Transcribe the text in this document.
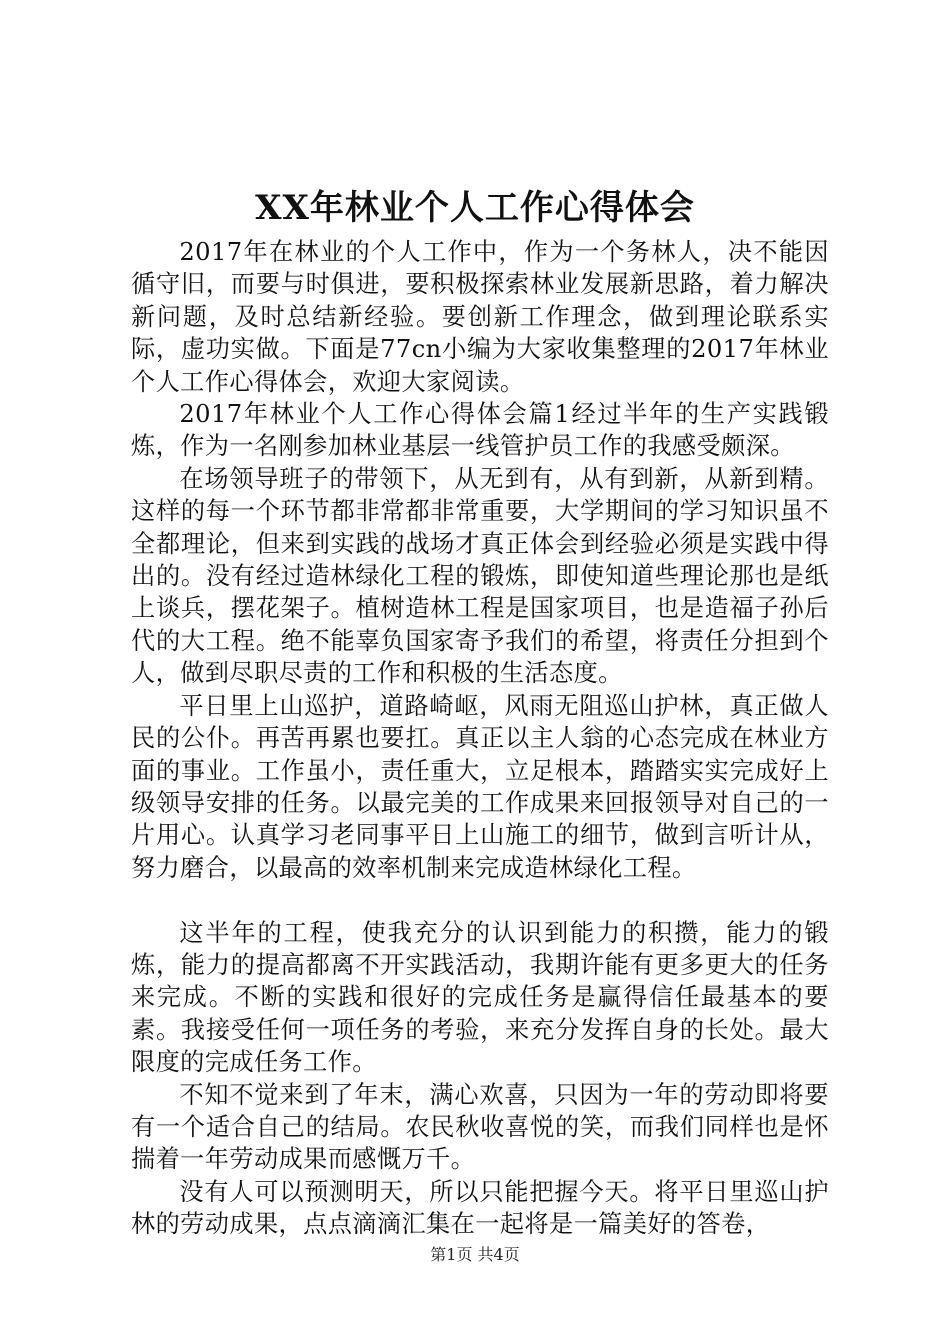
XX年林业个人工作心得体会

2017年在林业的个人工作中，作为一个务林人，决不能因循守旧，而要与时俱进，要积极探索林业发展新思路，着力解决新问题，及时总结新经验。要创新工作理念，做到理论联系实际，虚功实做。下面是77cn小编为大家收集整理的2017年林业个人工作心得体会，欢迎大家阅读。

2017年林业个人工作心得体会篇1经过半年的生产实践锻炼，作为一名刚参加林业基层一线管护员工作的我感受颇深。

在场领导班子的带领下，从无到有，从有到新，从新到精。这样的每一个环节都非常都非常重要，大学期间的学习知识虽不全都理论，但来到实践的战场才真正体会到经验必须是实践中得出的。没有经过造林绿化工程的锻炼，即使知道些理论那也是纸上谈兵，摆花架子。植树造林工程是国家项目，也是造福子孙后代的大工程。绝不能辜负国家寄予我们的希望，将责任分担到个人，做到尽职尽责的工作和积极的生活态度。

平日里上山巡护，道路崎岖，风雨无阻巡山护林，真正做人民的公仆。再苦再累也要扛。真正以主人翁的心态完成在林业方面的事业。工作虽小，责任重大，立足根本，踏踏实实完成好上级领导安排的任务。以最完美的工作成果来回报领导对自己的一片用心。认真学习老同事平日上山施工的细节，做到言听计从，努力磨合，以最高的效率机制来完成造林绿化工程。

这半年的工程，使我充分的认识到能力的积攒，能力的锻炼，能力的提高都离不开实践活动，我期许能有更多更大的任务来完成。不断的实践和很好的完成任务是赢得信任最基本的要素。我接受任何一项任务的考验，来充分发挥自身的长处。最大限度的完成任务工作。

不知不觉来到了年末，满心欢喜，只因为一年的劳动即将要有一个适合自己的结局。农民秋收喜悦的笑，而我们同样也是怀揣着一年劳动成果而感慨万千。

没有人可以预测明天，所以只能把握今天。将平日里巡山护林的劳动成果，点点滴滴汇集在一起将是一篇美好的答卷，

第1页 共4页
